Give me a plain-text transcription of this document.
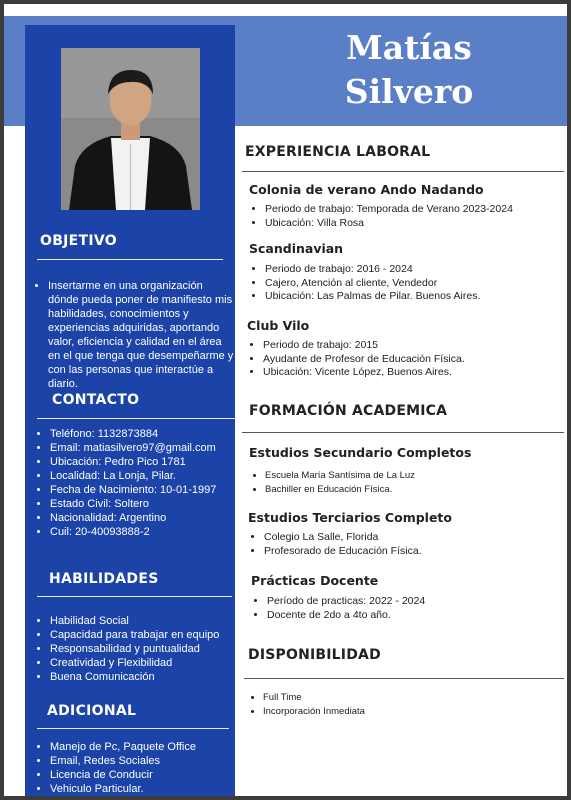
Matías
Silvero
OBJETIVO
• Insertarme en una organización dónde pueda poner de manifiesto mis habilidades, conocimientos y experiencias adquiridas, aportando valor, eficiencia y calidad en el área en el que tenga que desempeñarme y con las personas que interactúe a diario.
CONTACTO
• Teléfono: 1132873884
• Email: matiasilvero97@gmail.com
• Ubicación: Pedro Pico 1781
• Localidad: La Lonja, Pilar.
• Fecha de Nacimiento: 10-01-1997
• Estado Civil: Soltero
• Nacionalidad: Argentino
• Cuil: 20-40093888-2
HABILIDADES
• Habilidad Social
• Capacidad para trabajar en equipo
• Responsabilidad y puntualidad
• Creatividad y Flexibilidad
• Buena Comunicación
ADICIONAL
• Manejo de Pc, Paquete Office
• Email, Redes Sociales
• Licencia de Conducir
• Vehiculo Particular.
EXPERIENCIA LABORAL
Colonia de verano Ando Nadando
• Periodo de trabajo: Temporada de Verano 2023-2024
• Ubicación: Villa Rosa
Scandinavian
• Periodo de trabajo: 2016 - 2024
• Cajero, Atención al cliente, Vendedor
• Ubicación: Las Palmas de Pilar. Buenos Aires.
Club Vilo
• Periodo de trabajo: 2015
• Ayudante de Profesor de Educación Física.
• Ubicación: Vicente López, Buenos Aires.
FORMACIÓN ACADEMICA
Estudios Secundario Completos
• Escuela María Santísima de La Luz
• Bachiller en Educación Física.
Estudios Terciarios Completo
• Colegio La Salle, Florida
• Profesorado de Educación Física.
Prácticas Docente
• Período de practicas: 2022 - 2024
• Docente de 2do a 4to año.
DISPONIBILIDAD
• Full Time
• Incorporación Inmediata
